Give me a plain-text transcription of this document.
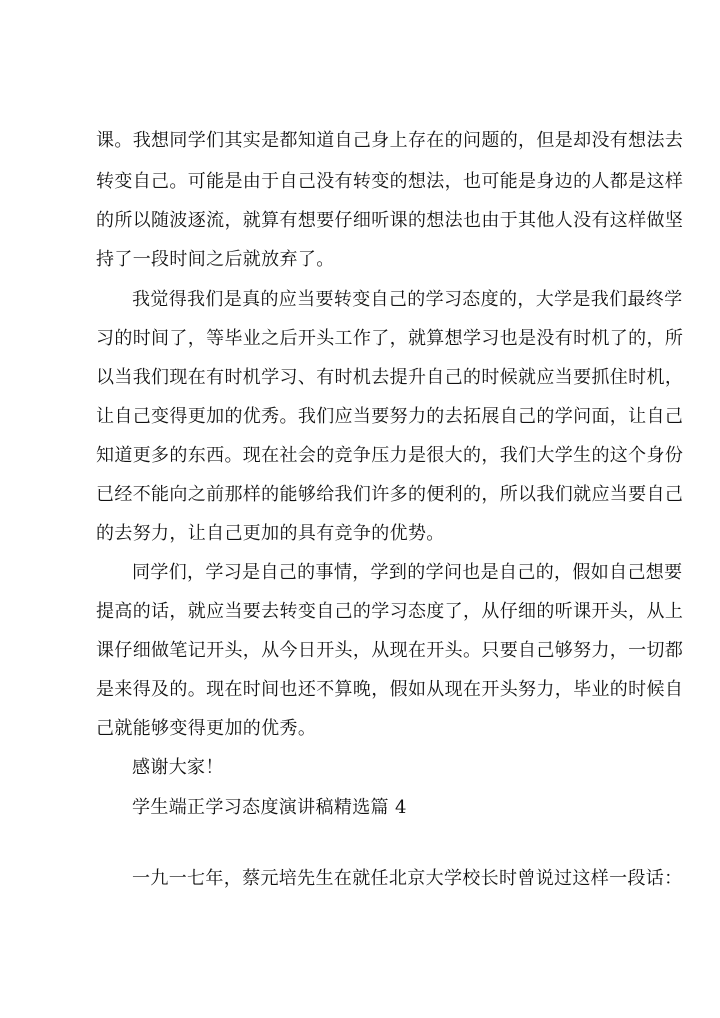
课。我想同学们其实是都知道自己身上存在的问题的，但是却没有想法去
转变自己。可能是由于自己没有转变的想法，也可能是身边的人都是这样
的所以随波逐流，就算有想要仔细听课的想法也由于其他人没有这样做坚
持了一段时间之后就放弃了。
我觉得我们是真的应当要转变自己的学习态度的，大学是我们最终学
习的时间了，等毕业之后开头工作了，就算想学习也是没有时机了的，所
以当我们现在有时机学习、有时机去提升自己的时候就应当要抓住时机，
让自己变得更加的优秀。我们应当要努力的去拓展自己的学问面，让自己
知道更多的东西。现在社会的竞争压力是很大的，我们大学生的这个身份
已经不能向之前那样的能够给我们许多的便利的，所以我们就应当要自己
的去努力，让自己更加的具有竞争的优势。
同学们，学习是自己的事情，学到的学问也是自己的，假如自己想要
提高的话，就应当要去转变自己的学习态度了，从仔细的听课开头，从上
课仔细做笔记开头，从今日开头，从现在开头。只要自己够努力，一切都
是来得及的。现在时间也还不算晚，假如从现在开头努力，毕业的时候自
己就能够变得更加的优秀。
感谢大家！
学生端正学习态度演讲稿精选篇 4
一九一七年，蔡元培先生在就任北京大学校长时曾说过这样一段话：
